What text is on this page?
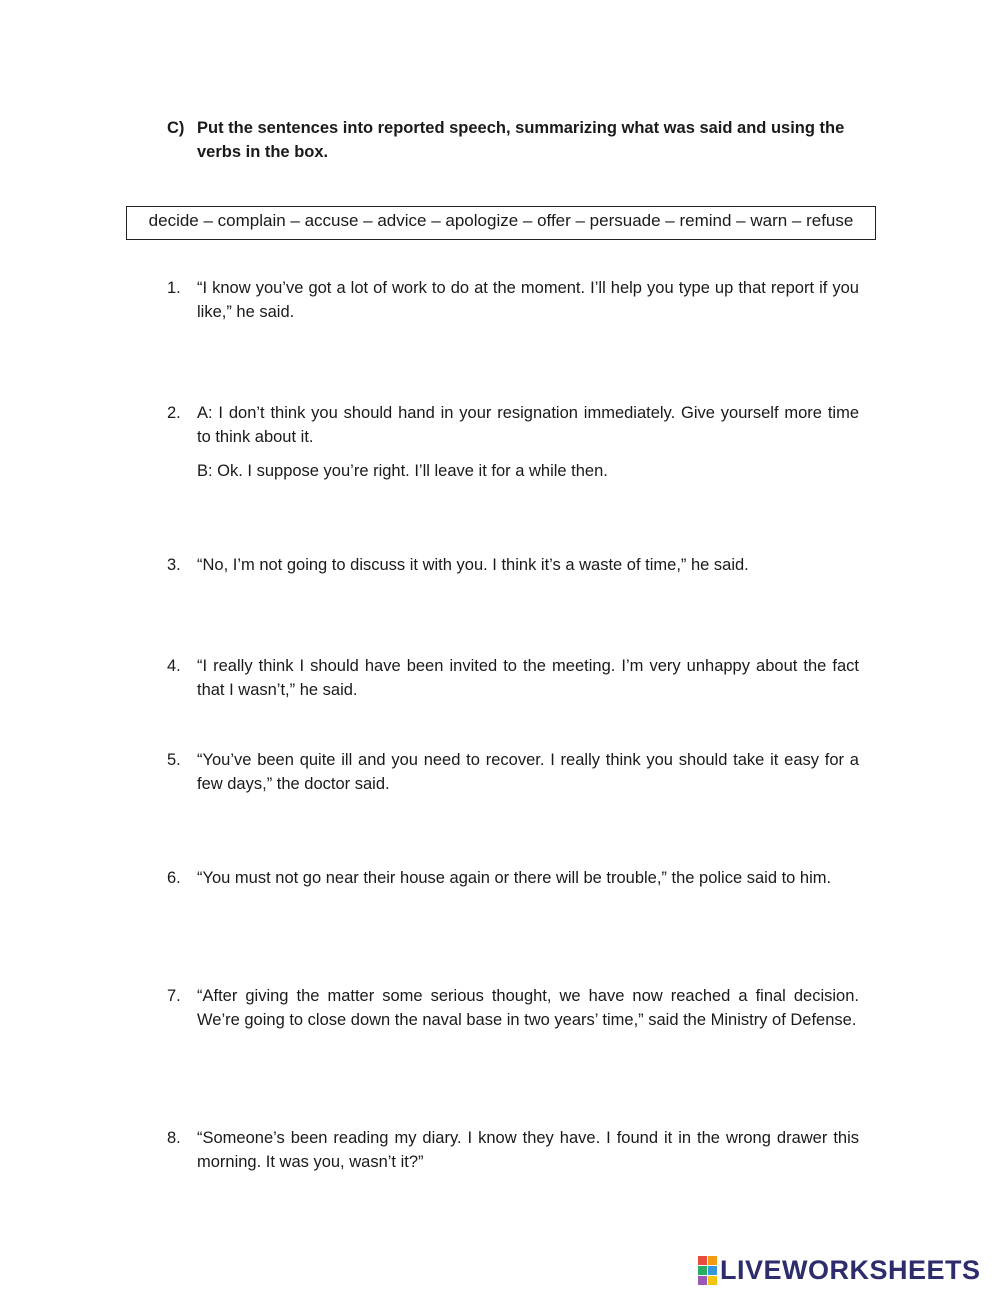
C) Put the sentences into reported speech, summarizing what was said and using the verbs in the box.
decide – complain – accuse – advice – apologize – offer – persuade – remind – warn – refuse
1. “I know you’ve got a lot of work to do at the moment. I’ll help you type up that report if you like,” he said.
2. A: I don’t think you should hand in your resignation immediately. Give yourself more time to think about it.
B: Ok. I suppose you’re right. I’ll leave it for a while then.
3. “No, I’m not going to discuss it with you. I think it’s a waste of time,” he said.
4. “I really think I should have been invited to the meeting. I’m very unhappy about the fact that I wasn’t,” he said.
5. “You’ve been quite ill and you need to recover. I really think you should take it easy for a few days,” the doctor said.
6. “You must not go near their house again or there will be trouble,” the police said to him.
7. “After giving the matter some serious thought, we have now reached a final decision. We’re going to close down the naval base in two years’ time,” said the Ministry of Defense.
8. “Someone’s been reading my diary. I know they have. I found it in the wrong drawer this morning. It was you, wasn’t it?”
LIVEWORKSHEETS
